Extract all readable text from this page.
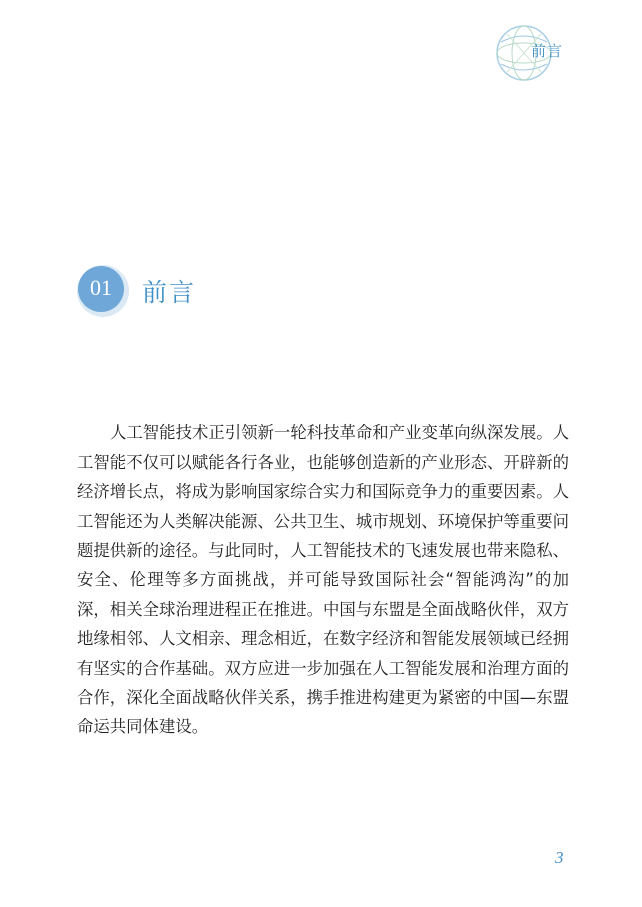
前言
01	前言

人工智能技术正引领新一轮科技革命和产业变革向纵深发展。人工智能不仅可以赋能各行各业，也能够创造新的产业形态、开辟新的经济增长点，将成为影响国家综合实力和国际竞争力的重要因素。人工智能还为人类解决能源、公共卫生、城市规划、环境保护等重要问题提供新的途径。与此同时，人工智能技术的飞速发展也带来隐私、安全、伦理等多方面挑战，并可能导致国际社会“智能鸿沟”的加深，相关全球治理进程正在推进。中国与东盟是全面战略伙伴，双方地缘相邻、人文相亲、理念相近，在数字经济和智能发展领域已经拥有坚实的合作基础。双方应进一步加强在人工智能发展和治理方面的合作，深化全面战略伙伴关系，携手推进构建更为紧密的中国—东盟命运共同体建设。

3
